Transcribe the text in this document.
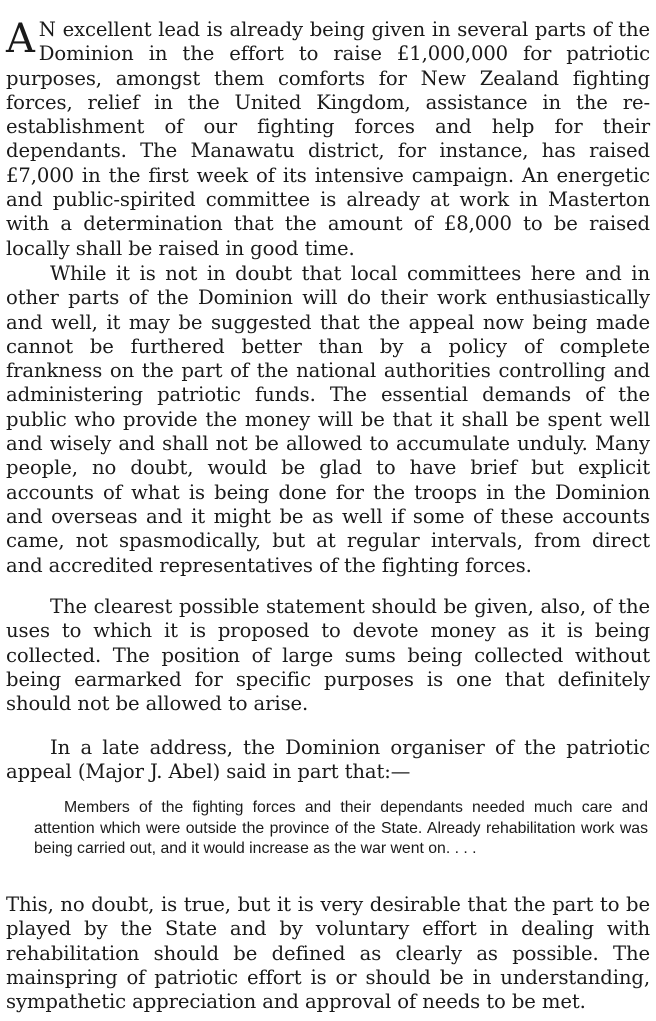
A N excellent lead is already being given in several parts of the Dominion in the effort to raise £1,000,000 for patriotic purposes, amongst them comforts for New Zealand fighting forces, relief in the United Kingdom, assistance in the re-establishment of our fighting forces and help for their dependants. The Manawatu district, for instance, has raised £7,000 in the first week of its intensive campaign. An energetic and public-spirited committee is already at work in Masterton with a determination that the amount of £8,000 to be raised locally shall be raised in good time.

While it is not in doubt that local committees here and in other parts of the Dominion will do their work enthusiastically and well, it may be suggested that the appeal now being made cannot be furthered better than by a policy of complete frankness on the part of the national authorities controlling and administering patriotic funds. The essential demands of the public who provide the money will be that it shall be spent well and wisely and shall not be allowed to accumulate unduly. Many people, no doubt, would be glad to have brief but explicit accounts of what is being done for the troops in the Dominion and overseas and it might be as well if some of these accounts came, not spasmodically, but at regular intervals, from direct and accredited representatives of the fighting forces.

The clearest possible statement should be given, also, of the uses to which it is proposed to devote money as it is being collected. The position of large sums being collected without being earmarked for specific purposes is one that definitely should not be allowed to arise.

In a late address, the Dominion organiser of the patriotic appeal (Major J. Abel) said in part that:—

Members of the fighting forces and their dependants needed much care and attention which were outside the province of the State. Already rehabilitation work was being carried out, and it would increase as the war went on. . . .

This, no doubt, is true, but it is very desirable that the part to be played by the State and by voluntary effort in dealing with rehabilitation should be defined as clearly as possible. The mainspring of patriotic effort is or should be in understanding, sympathetic appreciation and approval of needs to be met.
